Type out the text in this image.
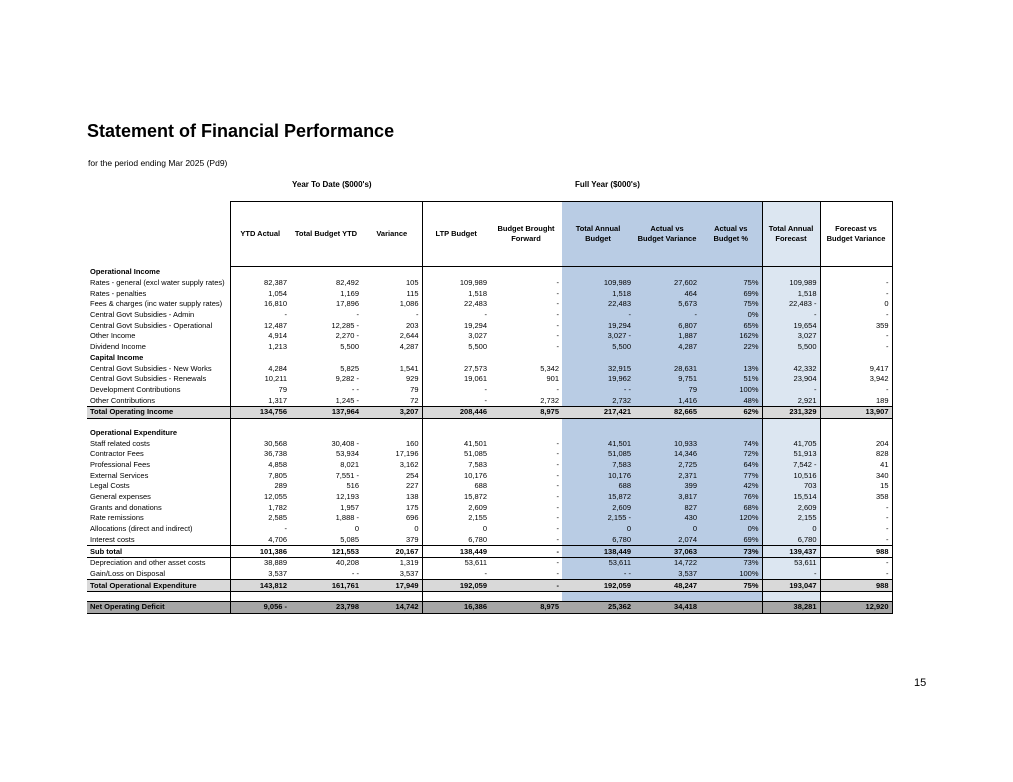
Statement of Financial Performance
for the period ending Mar 2025 (Pd9)
Year To Date ($000's)	Full Year ($000's)
	YTD Actual	Total Budget YTD	Variance	LTP Budget	Budget Brought Forward	Total Annual Budget	Actual vs Budget Variance	Actual vs Budget %	Total Annual Forecast	Forecast vs Budget Variance
Operational Income										
Rates - general (excl water supply rates)	82,387	82,492	105	109,989	-	109,989	27,602	75%	109,989	-
Rates - penalties	1,054	1,169	115	1,518	-	1,518	464	69%	1,518	-
Fees & charges (inc water supply rates)	16,810	17,896	1,086	22,483	-	22,483	5,673	75%	22,483 -	0
Central Govt Subsidies - Admin	-	-	-	-	-	-	-	0%	-	-
Central Govt Subsidies - Operational	12,487	12,285 -	203	19,294	-	19,294	6,807	65%	19,654	359
Other Income	4,914	2,270 -	2,644	3,027	-	3,027 -	1,887	162%	3,027	-
Dividend Income	1,213	5,500	4,287	5,500	-	5,500	4,287	22%	5,500	-
Capital Income										
Central Govt Subsidies - New Works	4,284	5,825	1,541	27,573	5,342	32,915	28,631	13%	42,332	9,417
Central Govt Subsidies - Renewals	10,211	9,282 -	929	19,061	901	19,962	9,751	51%	23,904	3,942
Development Contributions	79	- -	79	-	-	- -	79	100%	-	-
Other Contributions	1,317	1,245 -	72	-	2,732	2,732	1,416	48%	2,921	189
Total Operating Income	134,756	137,964	3,207	208,446	8,975	217,421	82,665	62%	231,329	13,907

Operational Expenditure										
Staff related costs	30,568	30,408 -	160	41,501	-	41,501	10,933	74%	41,705	204
Contractor Fees	36,738	53,934	17,196	51,085	-	51,085	14,346	72%	51,913	828
Professional Fees	4,858	8,021	3,162	7,583	-	7,583	2,725	64%	7,542 -	41
External Services	7,805	7,551 -	254	10,176	-	10,176	2,371	77%	10,516	340
Legal Costs	289	516	227	688	-	688	399	42%	703	15
General expenses	12,055	12,193	138	15,872	-	15,872	3,817	76%	15,514	358
Grants and donations	1,782	1,957	175	2,609	-	2,609	827	68%	2,609	-
Rate remissions	2,585	1,888 -	696	2,155	-	2,155 -	430	120%	2,155	-
Allocations (direct and indirect)	-	0	0	0	-	0	0	0%	0	-
Interest costs	4,706	5,085	379	6,780	-	6,780	2,074	69%	6,780	-
Sub total	101,386	121,553	20,167	138,449	-	138,449	37,063	73%	139,437	988
Depreciation and other asset costs	38,889	40,208	1,319	53,611	-	53,611	14,722	73%	53,611	-
Gain/Loss on Disposal	3,537	- -	3,537	-	-	- -	3,537	100%	-	-
Total Operational Expenditure	143,812	161,761	17,949	192,059	-	192,059	48,247	75%	193,047	988

Net Operating Deficit	9,056 -	23,798	14,742	16,386	8,975	25,362	34,418		38,281	12,920
15
